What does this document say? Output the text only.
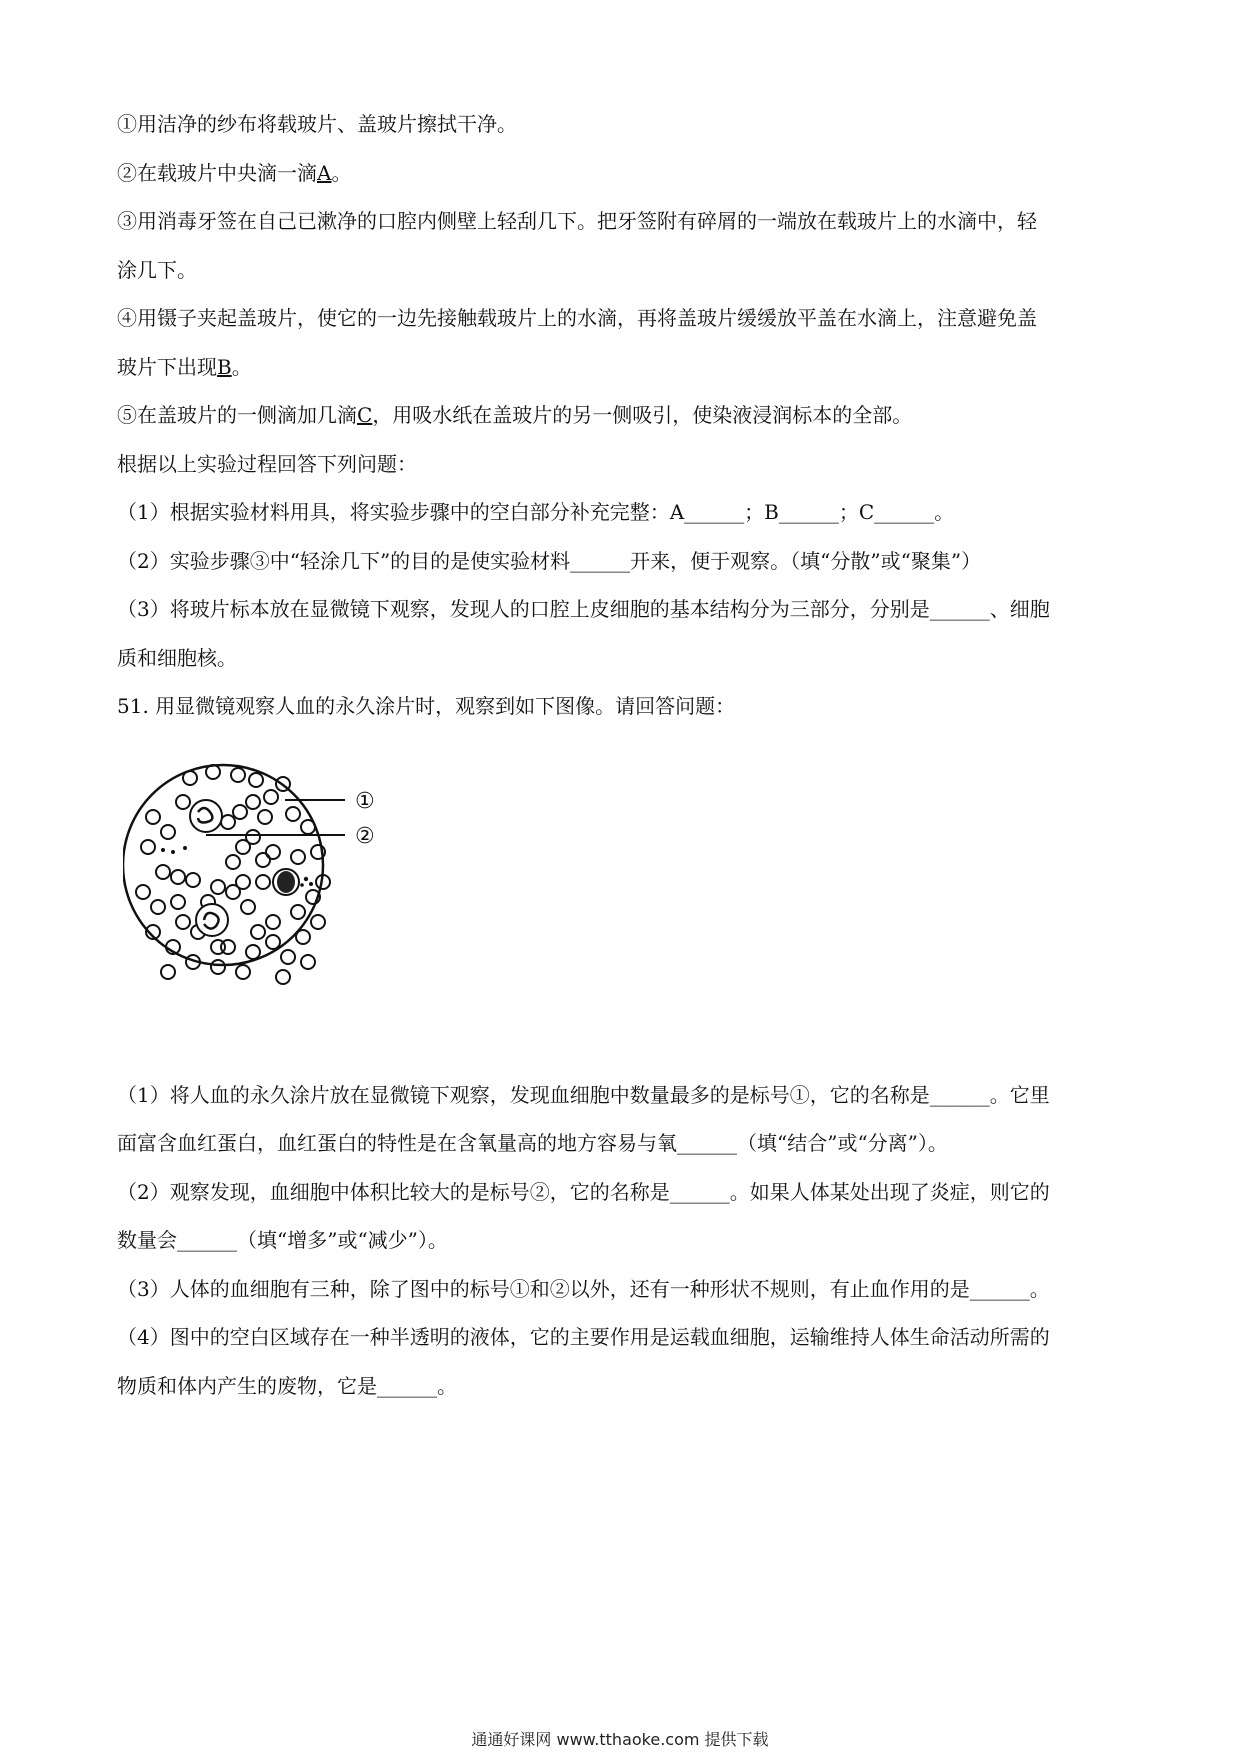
①用洁净的纱布将载玻片、盖玻片擦拭干净。
②在载玻片中央滴一滴A。
③用消毒牙签在自己已漱净的口腔内侧壁上轻刮几下。把牙签附有碎屑的一端放在载玻片上的水滴中，轻
涂几下。
④用镊子夹起盖玻片，使它的一边先接触载玻片上的水滴，再将盖玻片缓缓放平盖在水滴上，注意避免盖
玻片下出现B。
⑤在盖玻片的一侧滴加几滴C，用吸水纸在盖玻片的另一侧吸引，使染液浸润标本的全部。
根据以上实验过程回答下列问题：
（1）根据实验材料用具，将实验步骤中的空白部分补充完整：A______；B______；C______。
（2）实验步骤③中“轻涂几下”的目的是使实验材料______开来，便于观察。（填“分散”或“聚集”）
（3）将玻片标本放在显微镜下观察，发现人的口腔上皮细胞的基本结构分为三部分，分别是______、细胞
质和细胞核。
51. 用显微镜观察人血的永久涂片时，观察到如下图像。请回答问题：
（1）将人血的永久涂片放在显微镜下观察，发现血细胞中数量最多的是标号①，它的名称是______。它里
面富含血红蛋白，血红蛋白的特性是在含氧量高的地方容易与氧______（填“结合”或“分离”）。
（2）观察发现，血细胞中体积比较大的是标号②，它的名称是______。如果人体某处出现了炎症，则它的
数量会______（填“增多”或“减少”）。
（3）人体的血细胞有三种，除了图中的标号①和②以外，还有一种形状不规则，有止血作用的是______。
（4）图中的空白区域存在一种半透明的液体，它的主要作用是运载血细胞，运输维持人体生命活动所需的
物质和体内产生的废物，它是______。
①
②
通通好课网 www.tthaoke.com 提供下载
